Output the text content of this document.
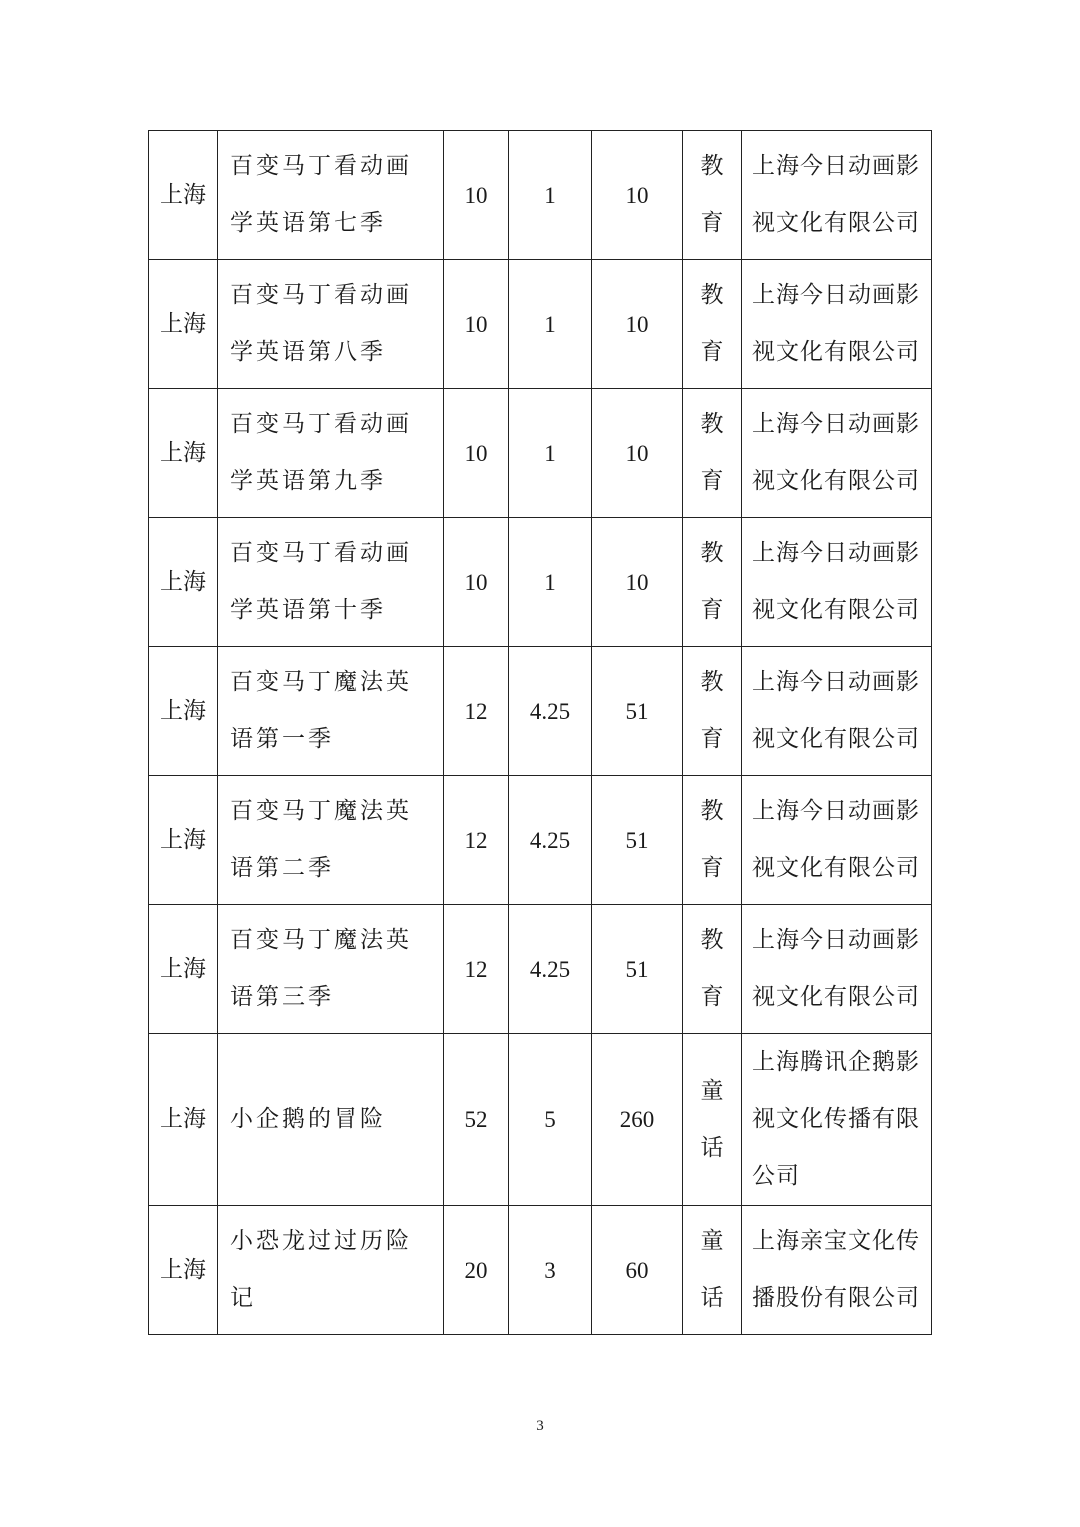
上海	百变马丁看动画学英语第七季	10	1	10	教育	上海今日动画影视文化有限公司
上海	百变马丁看动画学英语第八季	10	1	10	教育	上海今日动画影视文化有限公司
上海	百变马丁看动画学英语第九季	10	1	10	教育	上海今日动画影视文化有限公司
上海	百变马丁看动画学英语第十季	10	1	10	教育	上海今日动画影视文化有限公司
上海	百变马丁魔法英语第一季	12	4.25	51	教育	上海今日动画影视文化有限公司
上海	百变马丁魔法英语第二季	12	4.25	51	教育	上海今日动画影视文化有限公司
上海	百变马丁魔法英语第三季	12	4.25	51	教育	上海今日动画影视文化有限公司
上海	小企鹅的冒险	52	5	260	童话	上海腾讯企鹅影视文化传播有限公司
上海	小恐龙过过历险记	20	3	60	童话	上海亲宝文化传播股份有限公司
3
